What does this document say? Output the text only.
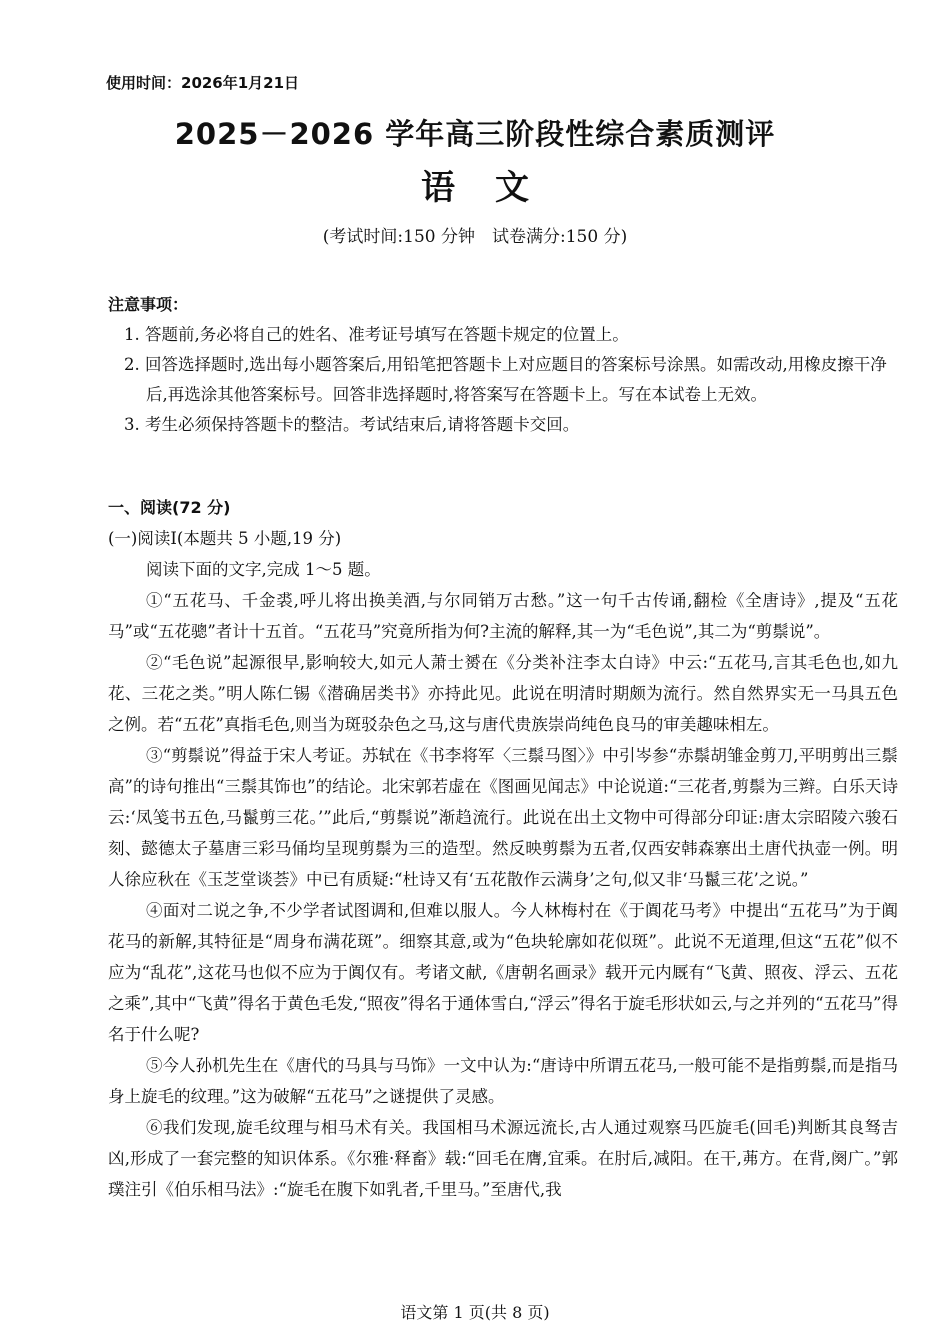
使用时间：2026年1月21日
2025－2026 学年高三阶段性综合素质测评
语文
(考试时间:150 分钟　试卷满分:150 分)
注意事项：
1. 答题前,务必将自己的姓名、准考证号填写在答题卡规定的位置上。
2. 回答选择题时,选出每小题答案后,用铅笔把答题卡上对应题目的答案标号涂黑。如需改动,用橡皮擦干净后,再选涂其他答案标号。回答非选择题时,将答案写在答题卡上。写在本试卷上无效。
3. 考生必须保持答题卡的整洁。考试结束后,请将答题卡交回。
一、阅读(72 分)
(一)阅读Ⅰ(本题共 5 小题,19 分)
阅读下面的文字,完成 1～5 题。

①“五花马、千金裘,呼儿将出换美酒,与尔同销万古愁。”这一句千古传诵,翻检《全唐诗》,提及“五花马”或“五花骢”者计十五首。“五花马”究竟所指为何?主流的解释,其一为“毛色说”,其二为“剪鬃说”。

②“毛色说”起源很早,影响较大,如元人萧士赟在《分类补注李太白诗》中云:“五花马,言其毛色也,如九花、三花之类。”明人陈仁锡《潜确居类书》亦持此见。此说在明清时期颇为流行。然自然界实无一马具五色之例。若“五花”真指毛色,则当为斑驳杂色之马,这与唐代贵族崇尚纯色良马的审美趣味相左。

③“剪鬃说”得益于宋人考证。苏轼在《书李将军〈三鬃马图〉》中引岑参“赤鬃胡雏金剪刀,平明剪出三鬃高”的诗句推出“三鬃其饰也”的结论。北宋郭若虚在《图画见闻志》中论说道:“三花者,剪鬃为三辫。白乐天诗云:‘凤笺书五色,马鬣剪三花。’”此后,“剪鬃说”渐趋流行。此说在出土文物中可得部分印证:唐太宗昭陵六骏石刻、懿德太子墓唐三彩马俑均呈现剪鬃为三的造型。然反映剪鬃为五者,仅西安韩森寨出土唐代执壶一例。明人徐应秋在《玉芝堂谈荟》中已有质疑:“杜诗又有‘五花散作云满身’之句,似又非‘马鬣三花’之说。”

④面对二说之争,不少学者试图调和,但难以服人。今人林梅村在《于阗花马考》中提出“五花马”为于阗花马的新解,其特征是“周身布满花斑”。细察其意,或为“色块轮廓如花似斑”。此说不无道理,但这“五花”似不应为“乱花”,这花马也似不应为于阗仅有。考诸文献,《唐朝名画录》载开元内厩有“飞黄、照夜、浮云、五花之乘”,其中“飞黄”得名于黄色毛发,“照夜”得名于通体雪白,“浮云”得名于旋毛形状如云,与之并列的“五花马”得名于什么呢?

⑤今人孙机先生在《唐代的马具与马饰》一文中认为:“唐诗中所谓五花马,一般可能不是指剪鬃,而是指马身上旋毛的纹理。”这为破解“五花马”之谜提供了灵感。

⑥我们发现,旋毛纹理与相马术有关。我国相马术源远流长,古人通过观察马匹旋毛(回毛)判断其良驽吉凶,形成了一套完整的知识体系。《尔雅·释畜》载:“回毛在膺,宜乘。在肘后,减阳。在干,茀方。在背,阕广。”郭璞注引《伯乐相马法》:“旋毛在腹下如乳者,千里马。”至唐代,我

语文第 1 页(共 8 页)
